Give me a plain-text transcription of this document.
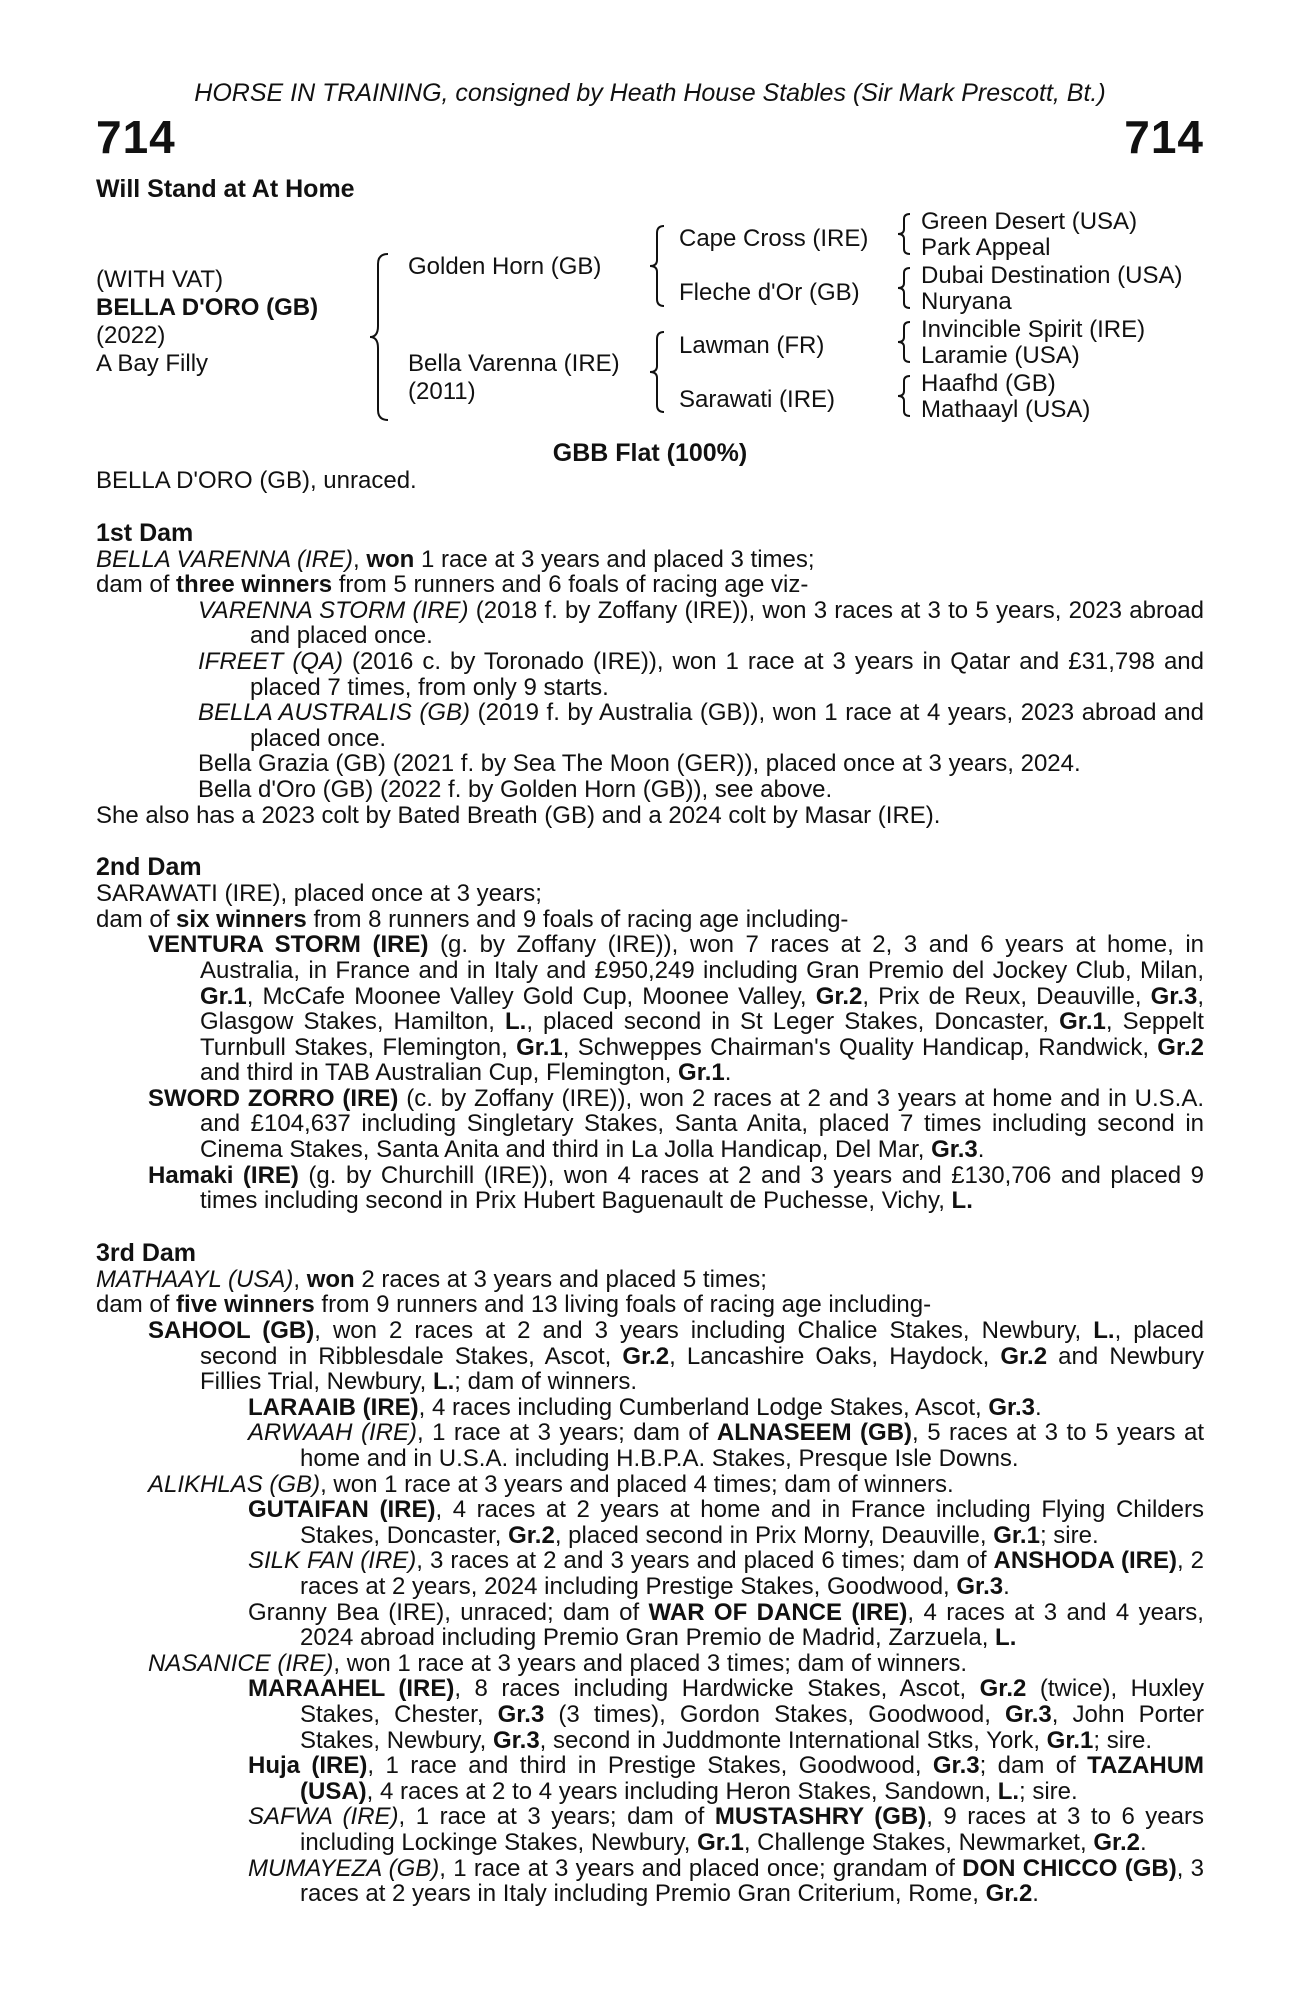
HORSE IN TRAINING, consigned by Heath House Stables (Sir Mark Prescott, Bt.)
714	714
Will Stand at At Home
(WITH VAT)
BELLA D'ORO (GB)
(2022)
A Bay Filly
Golden Horn (GB)
Bella Varenna (IRE)
(2011)
Cape Cross (IRE)
Fleche d'Or (GB)
Lawman (FR)
Sarawati (IRE)
Green Desert (USA)
Park Appeal
Dubai Destination (USA)
Nuryana
Invincible Spirit (IRE)
Laramie (USA)
Haafhd (GB)
Mathaayl (USA)
GBB Flat (100%)

BELLA D'ORO (GB), unraced.

1st Dam

BELLA VARENNA (IRE), won 1 race at 3 years and placed 3 times;

dam of three winners from 5 runners and 6 foals of racing age viz-

VARENNA STORM (IRE) (2018 f. by Zoffany (IRE)), won 3 races at 3 to 5 years, 2023 abroad and placed once.

IFREET (QA) (2016 c. by Toronado (IRE)), won 1 race at 3 years in Qatar and £31,798 and placed 7 times, from only 9 starts.

BELLA AUSTRALIS (GB) (2019 f. by Australia (GB)), won 1 race at 4 years, 2023 abroad and placed once.

Bella Grazia (GB) (2021 f. by Sea The Moon (GER)), placed once at 3 years, 2024.

Bella d'Oro (GB) (2022 f. by Golden Horn (GB)), see above.

She also has a 2023 colt by Bated Breath (GB) and a 2024 colt by Masar (IRE).

2nd Dam

SARAWATI (IRE), placed once at 3 years;

dam of six winners from 8 runners and 9 foals of racing age including-

VENTURA STORM (IRE) (g. by Zoffany (IRE)), won 7 races at 2, 3 and 6 years at home, in Australia, in France and in Italy and £950,249 including Gran Premio del Jockey Club, Milan, Gr.1, McCafe Moonee Valley Gold Cup, Moonee Valley, Gr.2, Prix de Reux, Deauville, Gr.3, Glasgow Stakes, Hamilton, L., placed second in St Leger Stakes, Doncaster, Gr.1, Seppelt Turnbull Stakes, Flemington, Gr.1, Schweppes Chairman's Quality Handicap, Randwick, Gr.2 and third in TAB Australian Cup, Flemington, Gr.1.

SWORD ZORRO (IRE) (c. by Zoffany (IRE)), won 2 races at 2 and 3 years at home and in U.S.A. and £104,637 including Singletary Stakes, Santa Anita, placed 7 times including second in Cinema Stakes, Santa Anita and third in La Jolla Handicap, Del Mar, Gr.3.

Hamaki (IRE) (g. by Churchill (IRE)), won 4 races at 2 and 3 years and £130,706 and placed 9 times including second in Prix Hubert Baguenault de Puchesse, Vichy, L.

3rd Dam

MATHAAYL (USA), won 2 races at 3 years and placed 5 times;

dam of five winners from 9 runners and 13 living foals of racing age including-

SAHOOL (GB), won 2 races at 2 and 3 years including Chalice Stakes, Newbury, L., placed second in Ribblesdale Stakes, Ascot, Gr.2, Lancashire Oaks, Haydock, Gr.2 and Newbury Fillies Trial, Newbury, L.; dam of winners.

LARAAIB (IRE), 4 races including Cumberland Lodge Stakes, Ascot, Gr.3.

ARWAAH (IRE), 1 race at 3 years; dam of ALNASEEM (GB), 5 races at 3 to 5 years at home and in U.S.A. including H.B.P.A. Stakes, Presque Isle Downs.

ALIKHLAS (GB), won 1 race at 3 years and placed 4 times; dam of winners.

GUTAIFAN (IRE), 4 races at 2 years at home and in France including Flying Childers Stakes, Doncaster, Gr.2, placed second in Prix Morny, Deauville, Gr.1; sire.

SILK FAN (IRE), 3 races at 2 and 3 years and placed 6 times; dam of ANSHODA (IRE), 2 races at 2 years, 2024 including Prestige Stakes, Goodwood, Gr.3.

Granny Bea (IRE), unraced; dam of WAR OF DANCE (IRE), 4 races at 3 and 4 years, 2024 abroad including Premio Gran Premio de Madrid, Zarzuela, L.

NASANICE (IRE), won 1 race at 3 years and placed 3 times; dam of winners.

MARAAHEL (IRE), 8 races including Hardwicke Stakes, Ascot, Gr.2 (twice), Huxley Stakes, Chester, Gr.3 (3 times), Gordon Stakes, Goodwood, Gr.3, John Porter Stakes, Newbury, Gr.3, second in Juddmonte International Stks, York, Gr.1; sire.

Huja (IRE), 1 race and third in Prestige Stakes, Goodwood, Gr.3; dam of TAZAHUM (USA), 4 races at 2 to 4 years including Heron Stakes, Sandown, L.; sire.

SAFWA (IRE), 1 race at 3 years; dam of MUSTASHRY (GB), 9 races at 3 to 6 years including Lockinge Stakes, Newbury, Gr.1, Challenge Stakes, Newmarket, Gr.2.

MUMAYEZA (GB), 1 race at 3 years and placed once; grandam of DON CHICCO (GB), 3 races at 2 years in Italy including Premio Gran Criterium, Rome, Gr.2.
